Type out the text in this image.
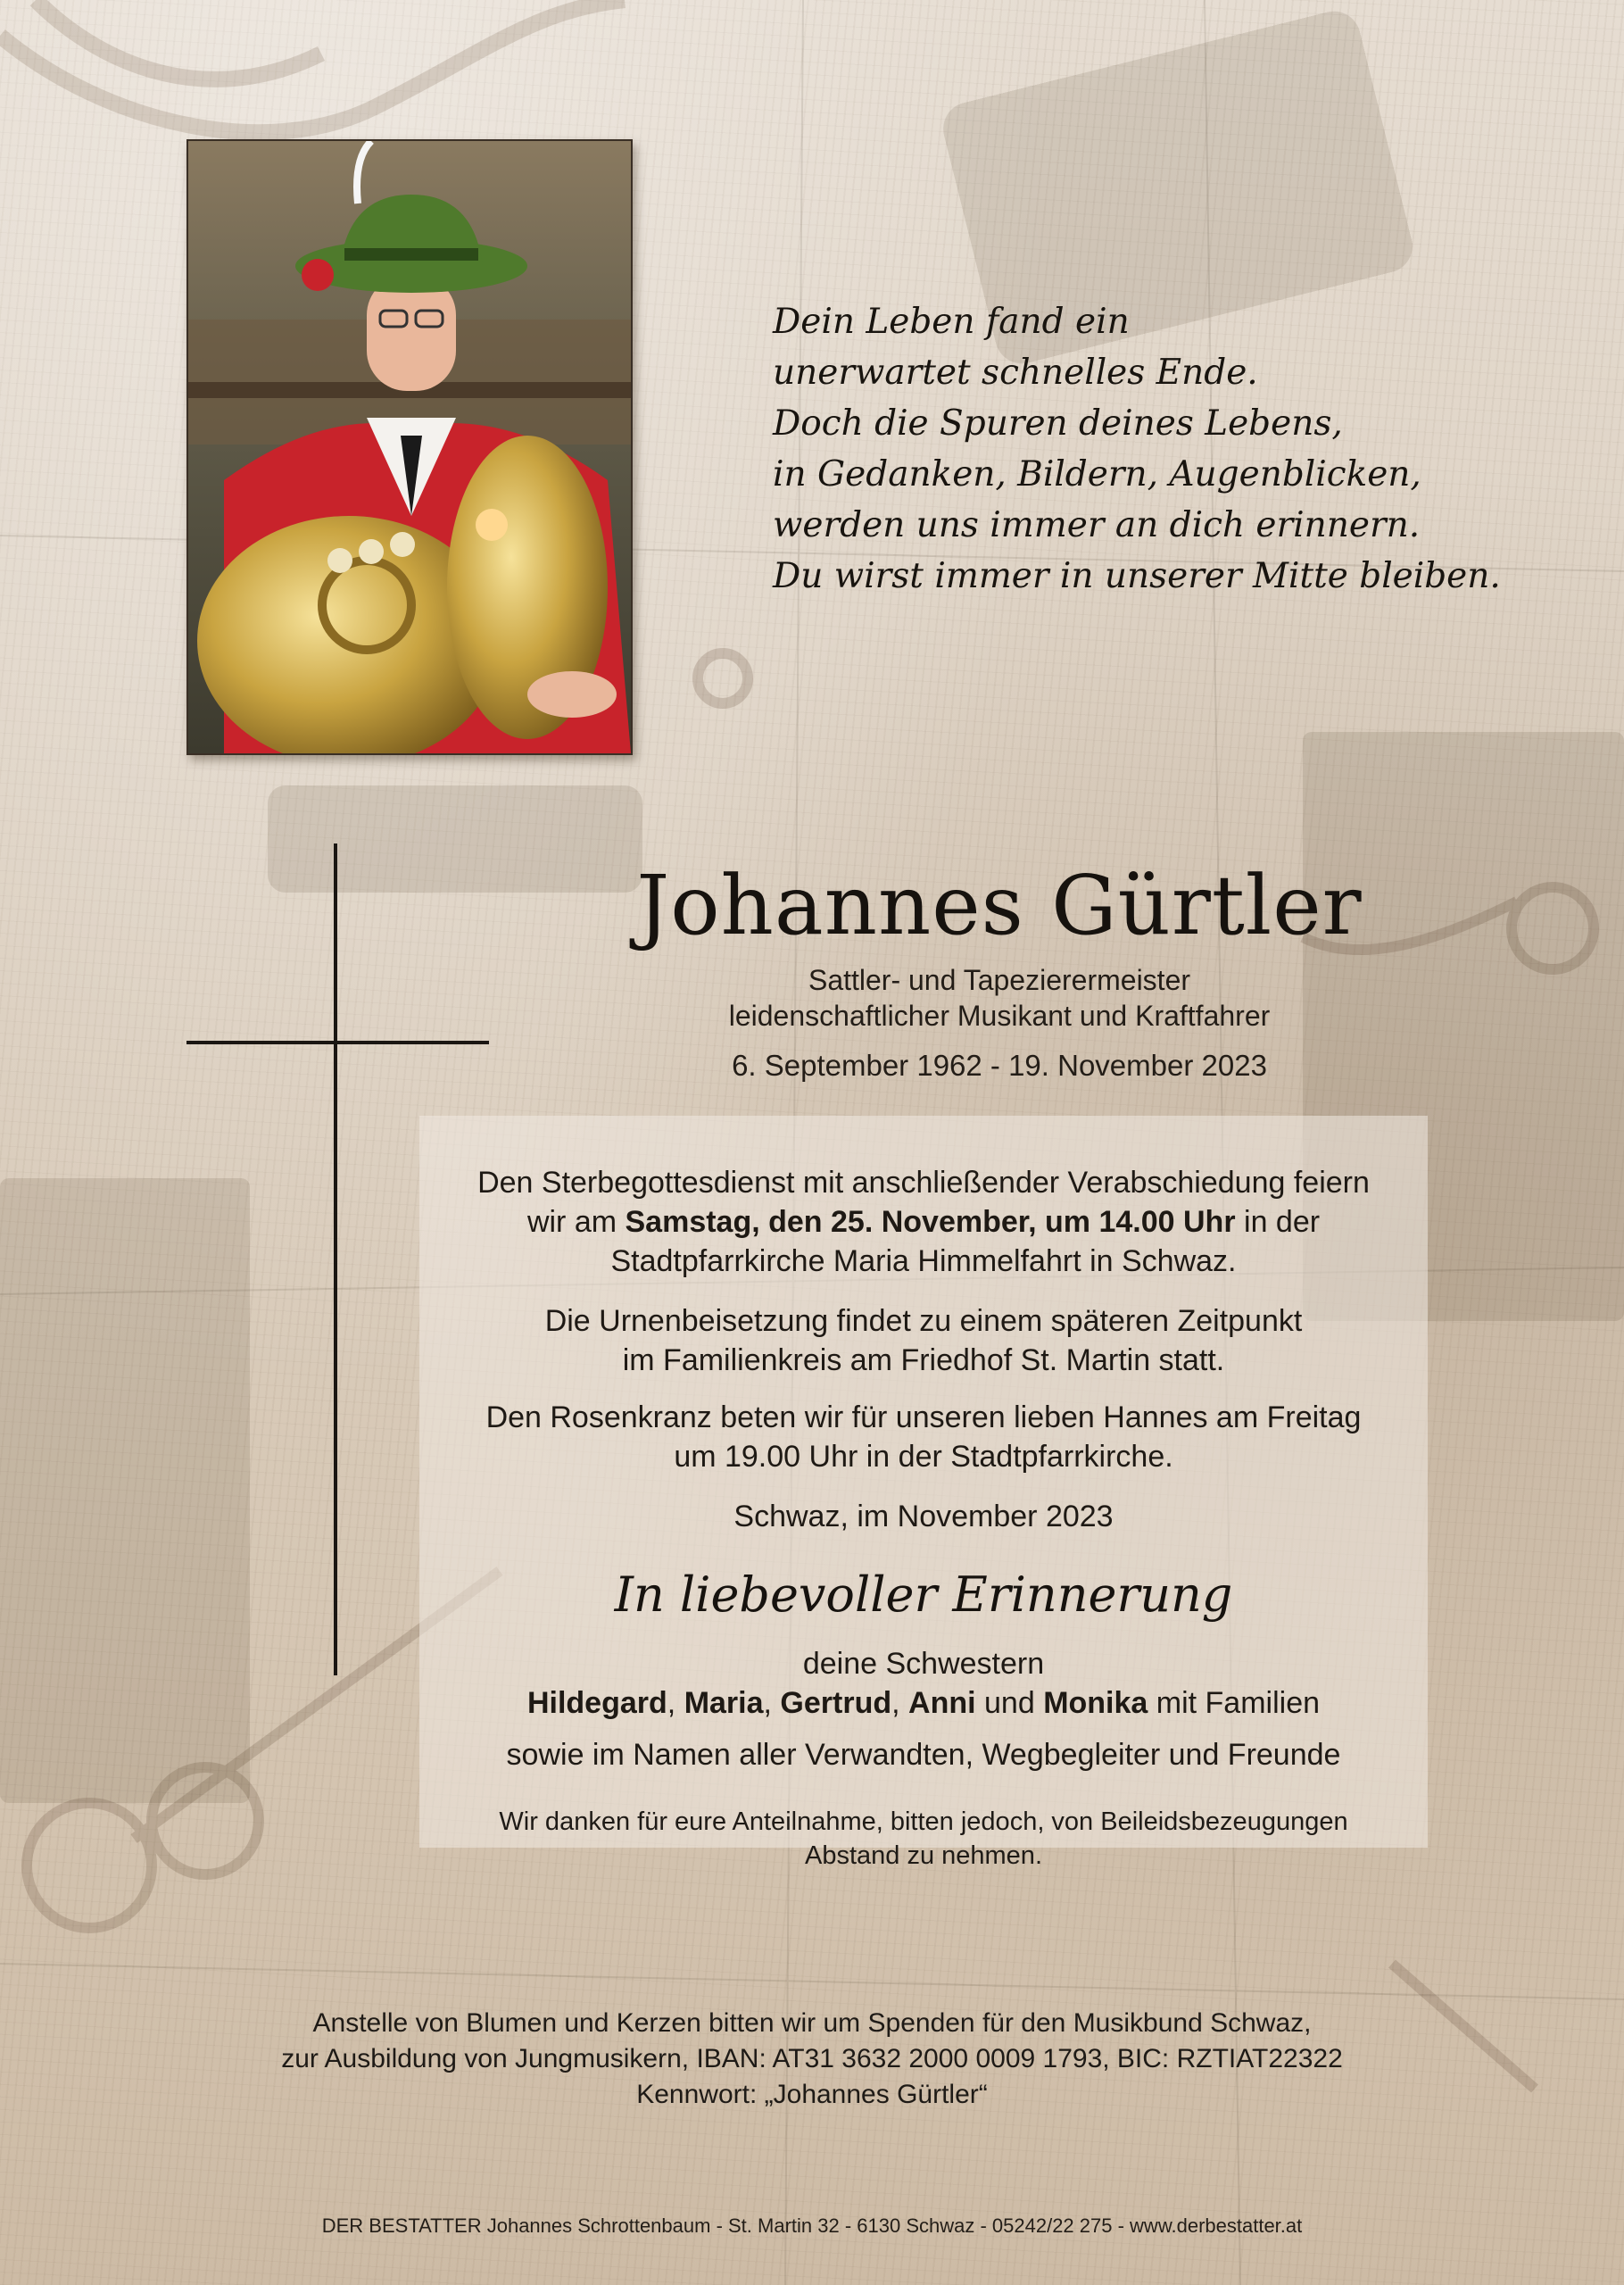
Dein Leben fand ein
unerwartet schnelles Ende.
Doch die Spuren deines Lebens,
in Gedanken, Bildern, Augenblicken,
werden uns immer an dich erinnern.
Du wirst immer in unserer Mitte bleiben.
Johannes Gürtler
Sattler- und Tapezierermeister
leidenschaftlicher Musikant und Kraftfahrer
6. September 1962 - 19. November 2023
Den Sterbegottesdienst mit anschließender Verabschiedung feiern
wir am Samstag, den 25. November, um 14.00 Uhr in der
Stadtpfarrkirche Maria Himmelfahrt in Schwaz.
Die Urnenbeisetzung findet zu einem späteren Zeitpunkt
im Familienkreis am Friedhof St. Martin statt.
Den Rosenkranz beten wir für unseren lieben Hannes am Freitag
um 19.00 Uhr in der Stadtpfarrkirche.
Schwaz, im November 2023
In liebevoller Erinnerung
deine Schwestern
Hildegard, Maria, Gertrud, Anni und Monika mit Familien
sowie im Namen aller Verwandten, Wegbegleiter und Freunde
Wir danken für eure Anteilnahme, bitten jedoch, von Beileidsbezeugungen
Abstand zu nehmen.
Anstelle von Blumen und Kerzen bitten wir um Spenden für den Musikbund Schwaz,
zur Ausbildung von Jungmusikern, IBAN: AT31 3632 2000 0009 1793, BIC: RZTIAT22322
Kennwort: „Johannes Gürtler“
DER BESTATTER Johannes Schrottenbaum - St. Martin 32 - 6130 Schwaz - 05242/22 275 - www.derbestatter.at
